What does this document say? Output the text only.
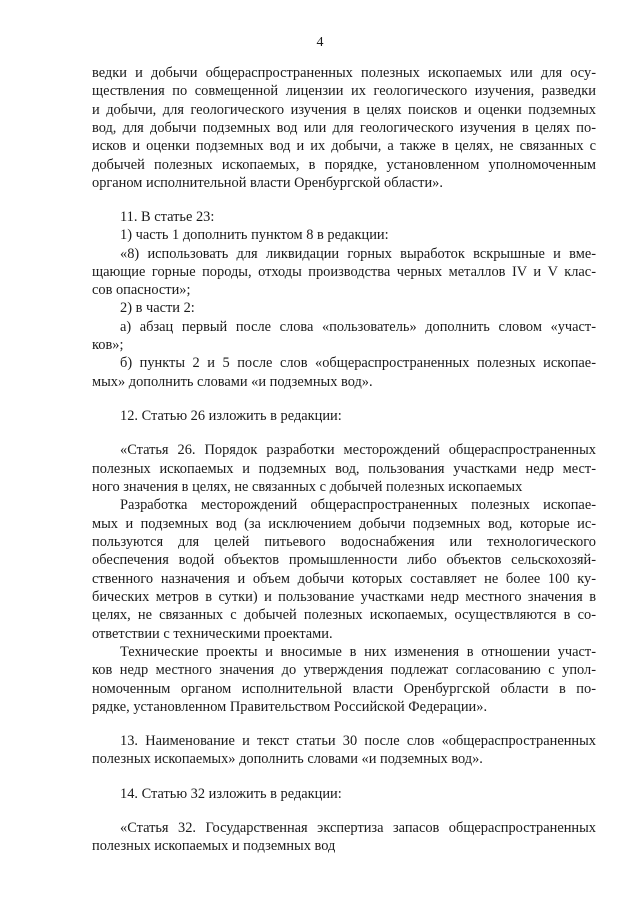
4
ведки и добычи общераспространенных полезных ископаемых или для осу-
ществления по совмещенной лицензии их геологического изучения, разведки
и добычи, для геологического изучения в целях поисков и оценки подземных
вод, для добычи подземных вод или для геологического изучения в целях по-
исков и оценки подземных вод и их добычи, а также в целях, не связанных с
добычей полезных ископаемых, в порядке, установленном уполномоченным
органом исполнительной власти Оренбургской области».
11. В статье 23:
1) часть 1 дополнить пунктом 8 в редакции:
«8) использовать для ликвидации горных выработок вскрышные и вме-
щающие горные породы, отходы производства черных металлов IV и V клас-
сов опасности»;
2) в части 2:
а) абзац первый после слова «пользователь» дополнить словом «участ-
ков»;
б) пункты 2 и 5 после слов «общераспространенных полезных ископае-
мых» дополнить словами «и подземных вод».
12. Статью 26 изложить в редакции:
«Статья 26. Порядок разработки месторождений общераспространенных
полезных ископаемых и подземных вод, пользования участками недр мест-
ного значения в целях, не связанных с добычей полезных ископаемых
Разработка месторождений общераспространенных полезных ископае-
мых и подземных вод (за исключением добычи подземных вод, которые ис-
пользуются для целей питьевого водоснабжения или технологического
обеспечения водой объектов промышленности либо объектов сельскохозяй-
ственного назначения и объем добычи которых составляет не более 100 ку-
бических метров в сутки) и пользование участками недр местного значения в
целях, не связанных с добычей полезных ископаемых, осуществляются в со-
ответствии с техническими проектами.
Технические проекты и вносимые в них изменения в отношении участ-
ков недр местного значения до утверждения подлежат согласованию с упол-
номоченным органом исполнительной власти Оренбургской области в по-
рядке, установленном Правительством Российской Федерации».
13. Наименование и текст статьи 30 после слов «общераспространенных
полезных ископаемых» дополнить словами «и подземных вод».
14. Статью 32 изложить в редакции:
«Статья 32. Государственная экспертиза запасов общераспространенных
полезных ископаемых и подземных вод
